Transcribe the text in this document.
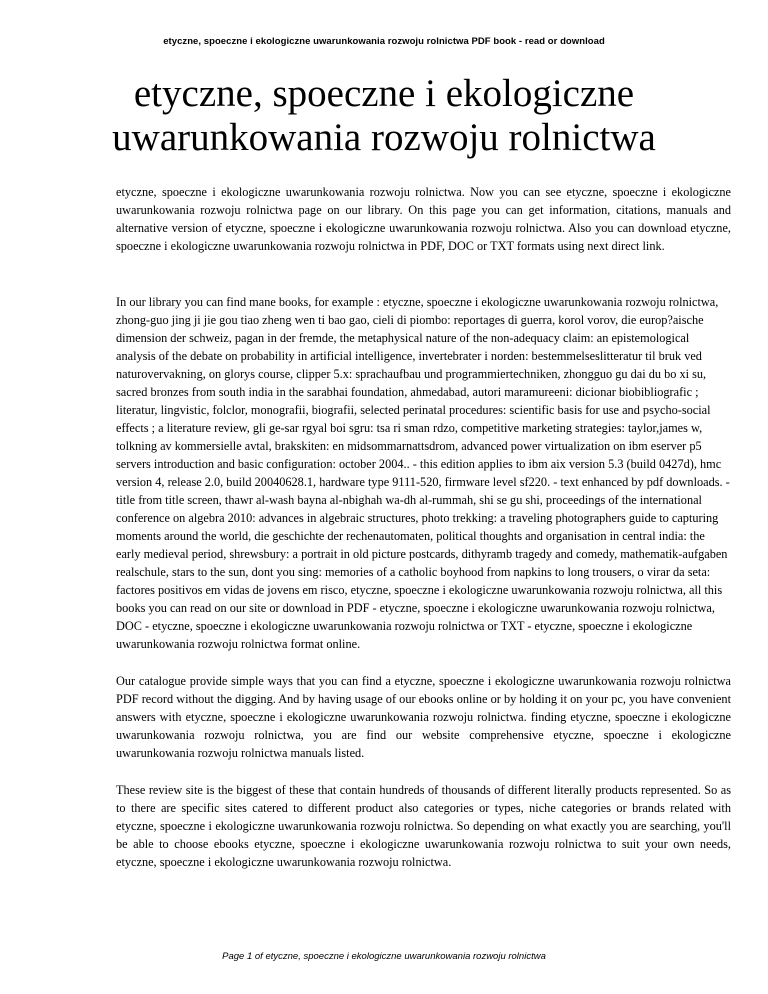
etyczne, spoeczne i ekologiczne uwarunkowania rozwoju rolnictwa PDF book - read or download
etyczne, spoeczne i ekologiczne uwarunkowania rozwoju rolnictwa

etyczne, spoeczne i ekologiczne uwarunkowania rozwoju rolnictwa. Now you can see etyczne, spoeczne i ekologiczne uwarunkowania rozwoju rolnictwa page on our library. On this page you can get information, citations, manuals and alternative version of etyczne, spoeczne i ekologiczne uwarunkowania rozwoju rolnictwa. Also you can download etyczne, spoeczne i ekologiczne uwarunkowania rozwoju rolnictwa in PDF, DOC or TXT formats using next direct link.

In our library you can find mane books, for example : etyczne, spoeczne i ekologiczne uwarunkowania rozwoju rolnictwa, zhong-guo jing ji jie gou tiao zheng wen ti bao gao, cieli di piombo: reportages di guerra, korol vorov, die europ?aische dimension der schweiz, pagan in der fremde, the metaphysical nature of the non-adequacy claim: an epistemological analysis of the debate on probability in artificial intelligence, invertebrater i norden: bestemmelseslitteratur til bruk ved naturovervakning, on glorys course, clipper 5.x: sprachaufbau und programmiertechniken, zhongguo gu dai du bo xi su, sacred bronzes from south india in the sarabhai foundation, ahmedabad, autori maramureeni: dicionar biobibliografic ; literatur, lingvistic, folclor, monografii, biografii, selected perinatal procedures: scientific basis for use and psycho-social effects ; a literature review, gli ge-sar rgyal boi sgru: tsa ri sman rdzo, competitive marketing strategies: taylor,james w, tolkning av kommersielle avtal, brakskiten: en midsommarnattsdrom, advanced power virtualization on ibm eserver p5 servers introduction and basic configuration: october 2004.. - this edition applies to ibm aix version 5.3 (build 0427d), hmc version 4, release 2.0, build 20040628.1, hardware type 9111-520, firmware level sf220. - text enhanced by pdf downloads. - title from title screen, thawr al-wash bayna al-nbighah wa-dh al-rummah, shi se gu shi, proceedings of the international conference on algebra 2010: advances in algebraic structures, photo trekking: a traveling photographers guide to capturing moments around the world, die geschichte der rechenautomaten, political thoughts and organisation in central india: the early medieval period, shrewsbury: a portrait in old picture postcards, dithyramb tragedy and comedy, mathematik-aufgaben realschule, stars to the sun, dont you sing: memories of a catholic boyhood from napkins to long trousers, o virar da seta: factores positivos em vidas de jovens em risco, etyczne, spoeczne i ekologiczne uwarunkowania rozwoju rolnictwa, all this books you can read on our site or download in PDF - etyczne, spoeczne i ekologiczne uwarunkowania rozwoju rolnictwa, DOC - etyczne, spoeczne i ekologiczne uwarunkowania rozwoju rolnictwa or TXT - etyczne, spoeczne i ekologiczne uwarunkowania rozwoju rolnictwa format online.

Our catalogue provide simple ways that you can find a etyczne, spoeczne i ekologiczne uwarunkowania rozwoju rolnictwa PDF record without the digging. And by having usage of our ebooks online or by holding it on your pc, you have convenient answers with etyczne, spoeczne i ekologiczne uwarunkowania rozwoju rolnictwa. finding etyczne, spoeczne i ekologiczne uwarunkowania rozwoju rolnictwa, you are find our website comprehensive etyczne, spoeczne i ekologiczne uwarunkowania rozwoju rolnictwa manuals listed.

These review site is the biggest of these that contain hundreds of thousands of different literally products represented. So as to there are specific sites catered to different product also categories or types, niche categories or brands related with etyczne, spoeczne i ekologiczne uwarunkowania rozwoju rolnictwa. So depending on what exactly you are searching, you'll be able to choose ebooks etyczne, spoeczne i ekologiczne uwarunkowania rozwoju rolnictwa to suit your own needs, etyczne, spoeczne i ekologiczne uwarunkowania rozwoju rolnictwa.

Page 1 of etyczne, spoeczne i ekologiczne uwarunkowania rozwoju rolnictwa
